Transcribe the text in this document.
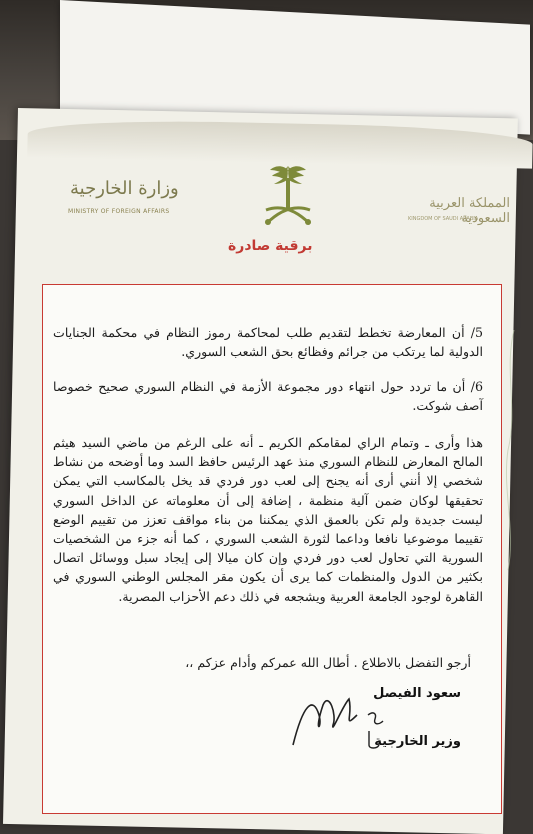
وزارة الخارجية
MINISTRY OF FOREIGN AFFAIRS
المملكة العربية السعودية
KINGDOM OF SAUDI ARABIA
برقية صادرة
5/ أن المعارضة تخطط لتقديم طلب لمحاكمة رموز النظام في محكمة الجنايات الدولية لما يرتكب من جرائم وفظائع بحق الشعب السوري.
6/ أن ما تردد حول انتهاء دور مجموعة الأزمة في النظام السوري صحيح خصوصا آصف شوكت.
هذا وأرى ـ وتمام الراي لمقامكم الكريم ـ أنه على الرغم من ماضي السيد هيثم المالح المعارض للنظام السوري منذ عهد الرئيس حافظ السد وما أوضحه من نشاط شخصي إلا أنني أرى أنه يجنح إلى لعب دور فردي قد يخل بالمكاسب التي يمكن تحقيقها لوكان ضمن آلية منظمة ، إضافة إلى أن معلوماته عن الداخل السوري ليست جديدة ولم تكن بالعمق الذي يمكننا من بناء مواقف تعزز من تقييم الوضع تقييما موضوعيا نافعا وداعما لثورة الشعب السوري ، كما أنه جزء من الشخصيات السورية التي تحاول لعب دور فردي وإن كان ميالا إلى إيجاد سبل ووسائل اتصال بكثير من الدول والمنظمات كما يرى أن يكون مقر المجلس الوطني السوري في القاهرة لوجود الجامعة العربية ويشجعه في ذلك دعم الأحزاب المصرية.
أرجو التفضل بالاطلاع . أطال الله عمركم وأدام عزكم ،،
سعود الفيصل
وزير الخارجية
